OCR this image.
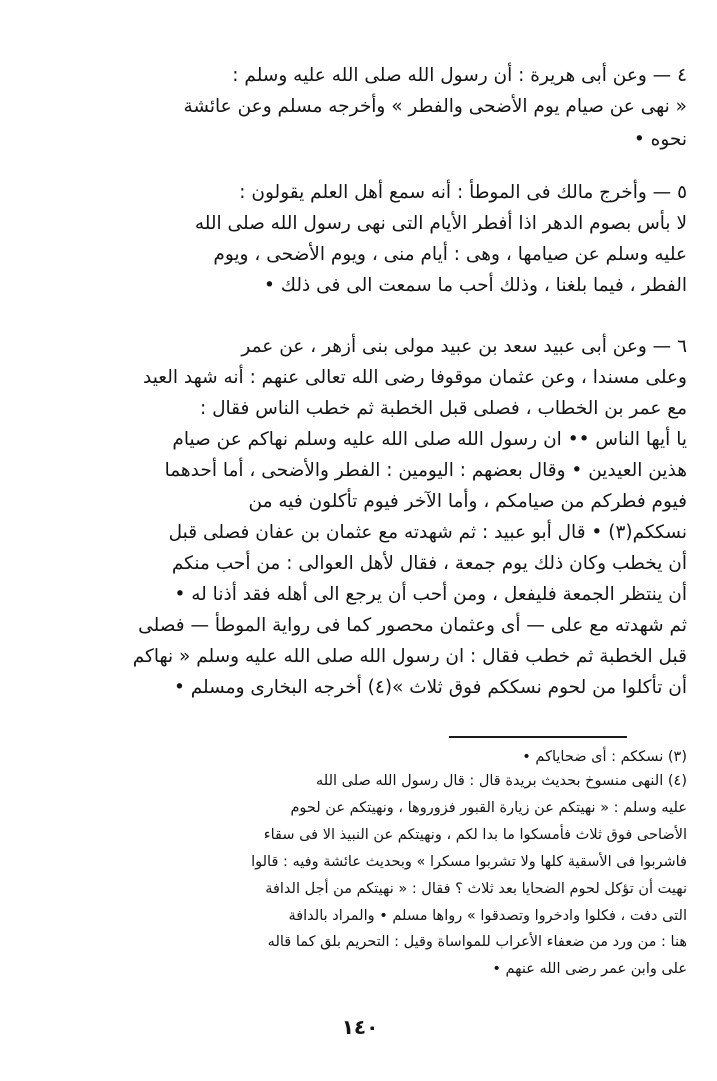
٤ — وعن أبى هريرة : أن رسول الله صلى الله عليه وسلم :
« نهى عن صيام يوم الأضحى والفطر » وأخرجه مسلم وعن عائشة
نحوه •
٥ — وأخرج مالك فى الموطأ : أنه سمع أهل العلم يقولون :
لا بأس بصوم الدهر اذا أفطر الأيام التى نهى رسول الله صلى الله
عليه وسلم عن صيامها ، وهى : أيام منى ، ويوم الأضحى ، ويوم
الفطر ، فيما بلغنا ، وذلك أحب ما سمعت الى فى ذلك •
٦ — وعن أبى عبيد سعد بن عبيد مولى بنى أزهر ، عن عمر
وعلى مسندا ، وعن عثمان موقوفا رضى الله تعالى عنهم : أنه شهد العيد
مع عمر بن الخطاب ، فصلى قبل الخطبة ثم خطب الناس فقال :
يا أيها الناس •• ان رسول الله صلى الله عليه وسلم نهاكم عن صيام
هذين العيدين • وقال بعضهم : اليومين : الفطر والأضحى ، أما أحدهما
فيوم فطركم من صيامكم ، وأما الآخر فيوم تأكلون فيه من
نسككم(٣) • قال أبو عبيد : ثم شهدته مع عثمان بن عفان فصلى قبل
أن يخطب وكان ذلك يوم جمعة ، فقال لأهل العوالى : من أحب منكم
أن ينتظر الجمعة فليفعل ، ومن أحب أن يرجع الى أهله فقد أذنا له •
ثم شهدته مع على — أى وعثمان محصور كما فى رواية الموطأ — فصلى
قبل الخطبة ثم خطب فقال : ان رسول الله صلى الله عليه وسلم « نهاكم
أن تأكلوا من لحوم نسككم فوق ثلاث »(٤) أخرجه البخارى ومسلم •
(٣) نسككم : أى ضحاياكم •
(٤) النهى منسوخ بحديث بريدة قال : قال رسول الله صلى الله
عليه وسلم : « نهيتكم عن زيارة القبور فزوروها ، ونهيتكم عن لحوم
الأضاحى فوق ثلاث فأمسكوا ما بدا لكم ، ونهيتكم عن النبيذ الا فى سقاء
فاشربوا فى الأسقية كلها ولا تشربوا مسكرا » وبحديث عائشة وفيه : قالوا
نهيت أن تؤكل لحوم الضحايا بعد ثلاث ؟ فقال : « نهيتكم من أجل الدافة
التى دفت ، فكلوا وادخروا وتصدقوا » رواها مسلم • والمراد بالدافة
هنا : من ورد من ضعفاء الأعراب للمواساة وقيل : التحريم بلق كما قاله
على وابن عمر رضى الله عنهم •
١٤٠
